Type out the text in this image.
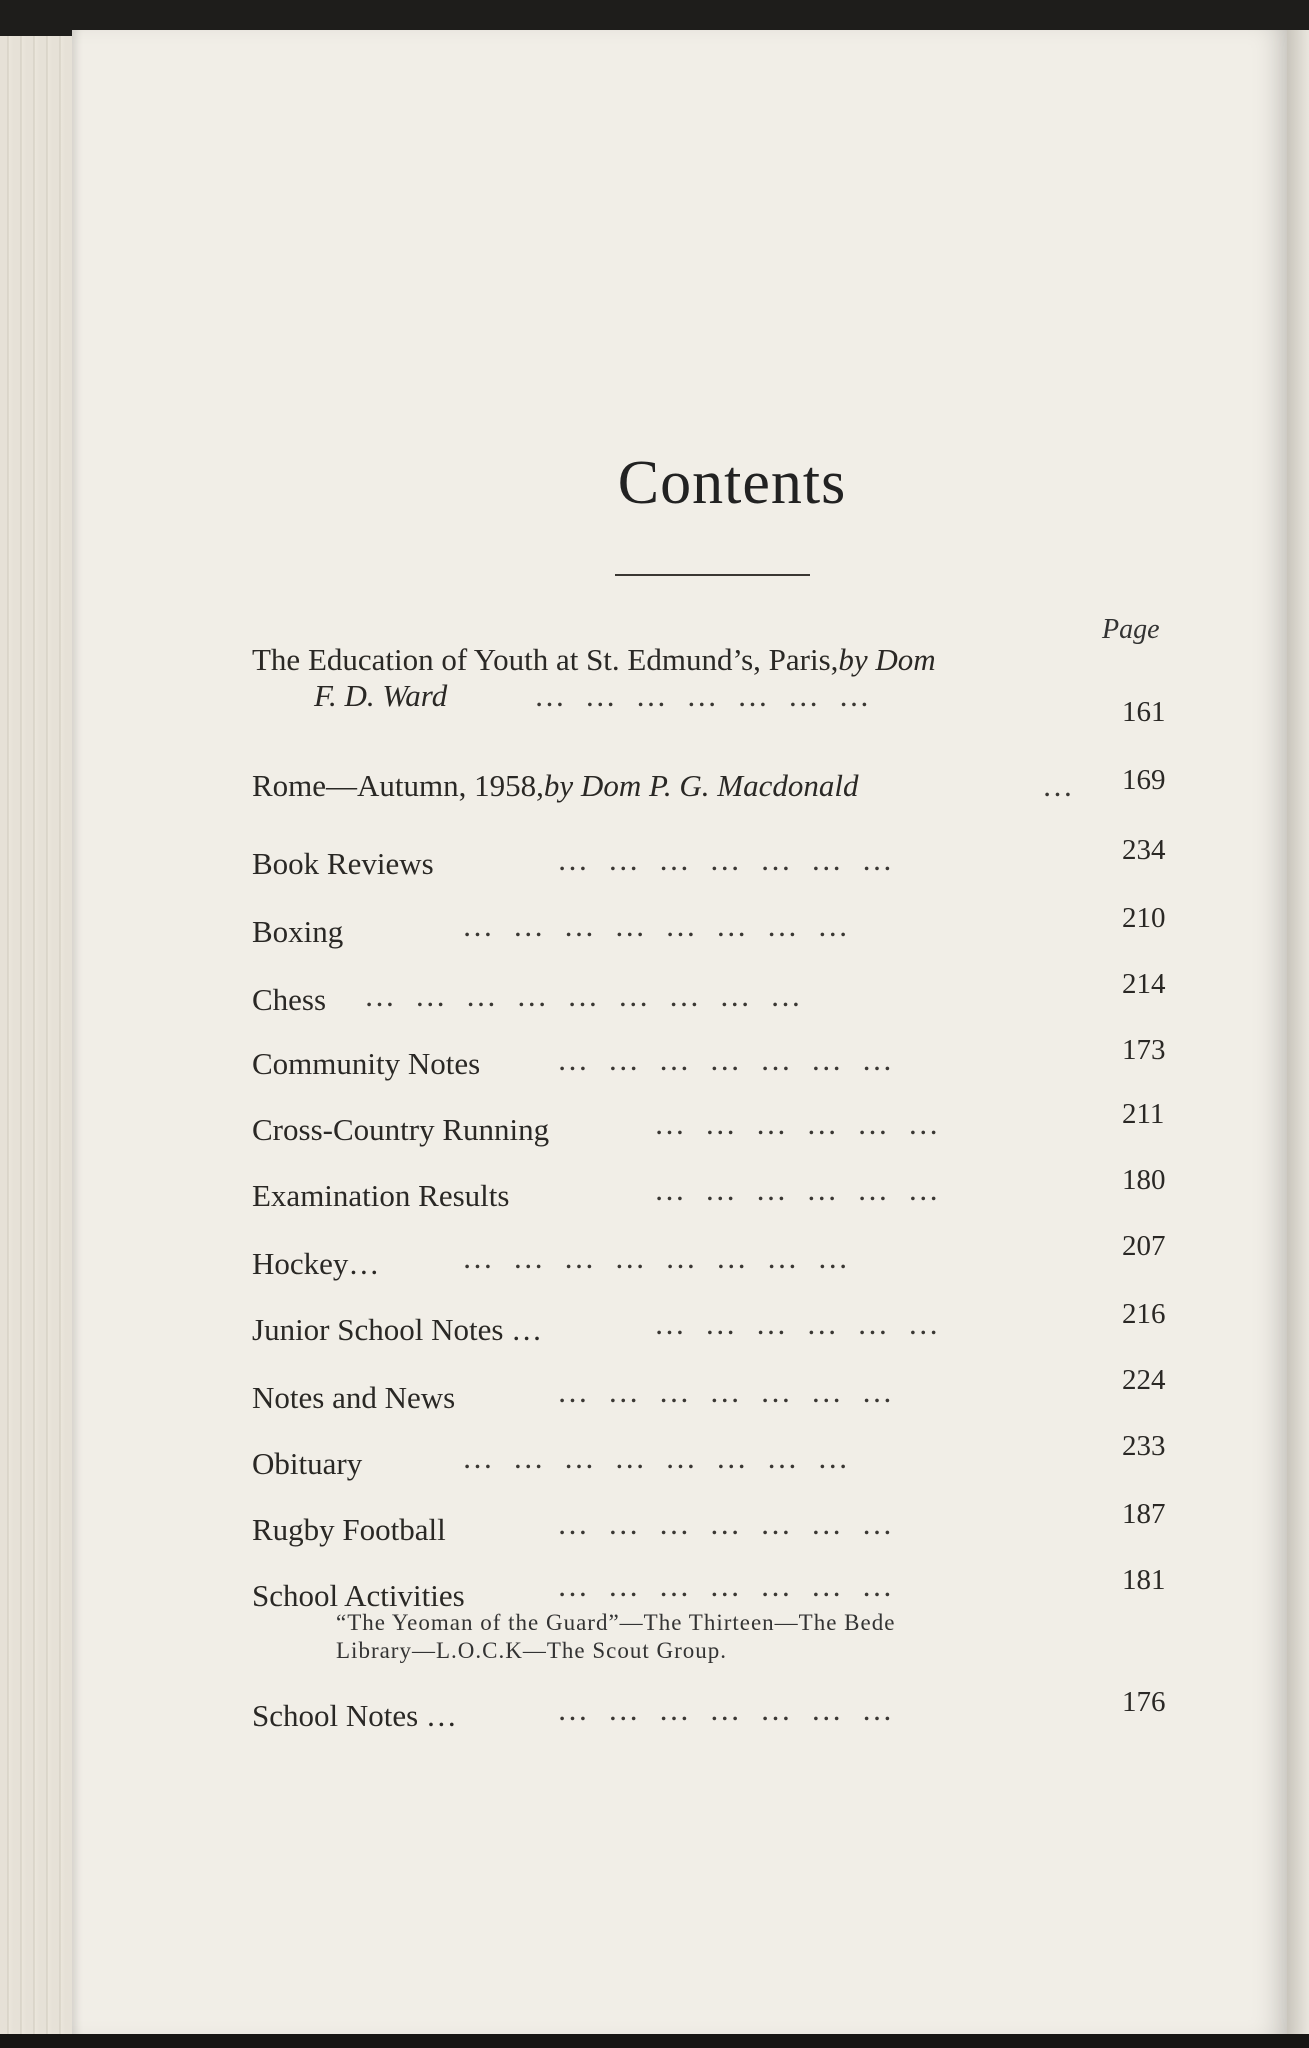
Contents
Page
The Education of Youth at St. Edmund’s, Paris,by Dom
F. D. Ward	… … … … … … …	161
Rome—Autumn, 1958,by Dom P. G. Macdonald	… 169
Book Reviews	… … … … … … …	234
Boxing	… … … … … … … …	210
Chess … … … … … … … … …	214
Community Notes … … … … … … …	173
Cross-Country Running	… … … … … …	211
Examination Results	… … … … … …	180
Hockey…	… … … … … … … …	207
Junior School Notes …	… … … … … …	216
Notes and News	… … … … … … …	224
Obituary	… … … … … … … …	233
Rugby Football	… … … … … … …	187
School Activities	… … … … … … …	181
“The Yeoman of the Guard”—The Thirteen—The Bede
Library—L.O.C.K—The Scout Group.
School Notes …	… … … … … … …	176
